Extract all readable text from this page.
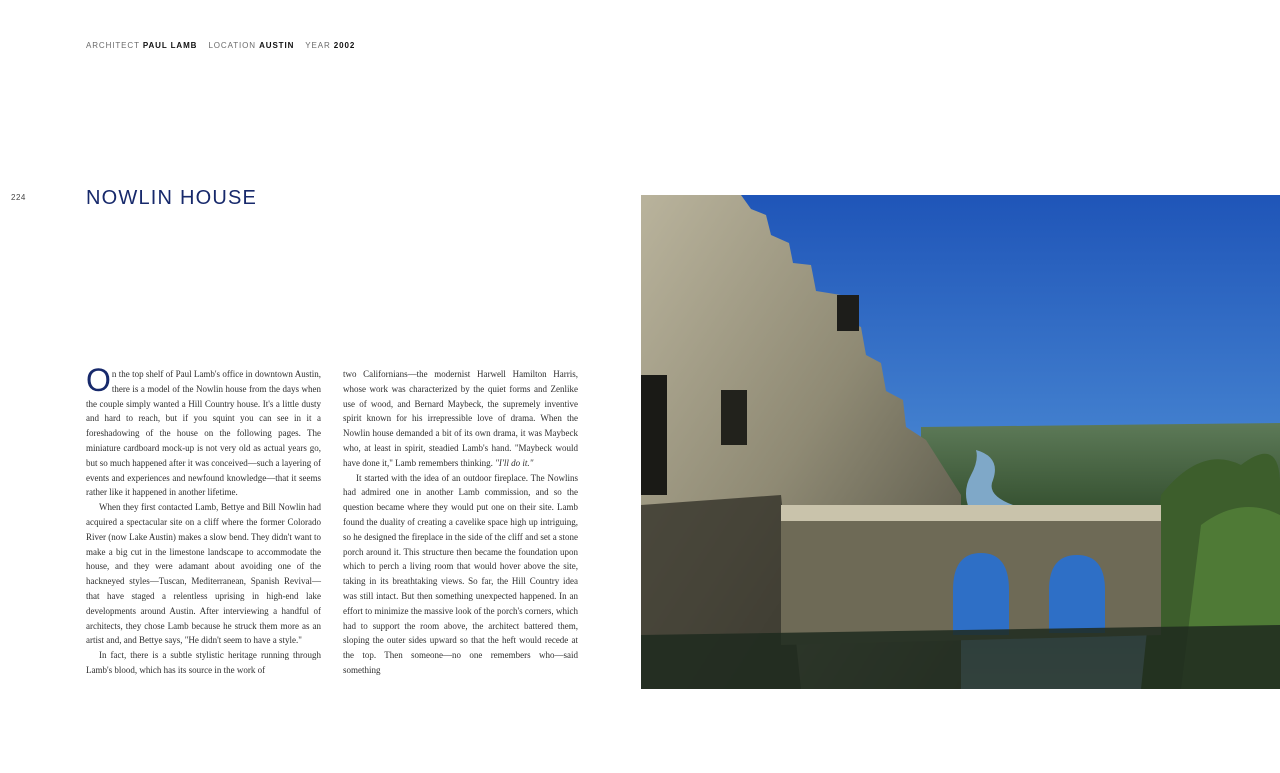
ARCHITECT PAUL LAMB LOCATION AUSTIN YEAR 2002
224	NOWLIN HOUSE

On the top shelf of Paul Lamb's office in downtown Austin, there is a model of the Nowlin house from the days when the couple simply wanted a Hill Country house. It's a little dusty and hard to reach, but if you squint you can see in it a foreshadowing of the house on the following pages. The miniature cardboard mock-up is not very old as actual years go, but so much happened after it was conceived—such a layering of events and experiences and newfound knowledge—that it seems rather like it happened in another lifetime.

When they first contacted Lamb, Bettye and Bill Nowlin had acquired a spectacular site on a cliff where the former Colorado River (now Lake Austin) makes a slow bend. They didn't want to make a big cut in the limestone landscape to accommodate the house, and they were adamant about avoiding one of the hackneyed styles—Tuscan, Mediterranean, Spanish Revival—that have staged a relentless uprising in high-end lake developments around Austin. After interviewing a handful of architects, they chose Lamb because he struck them more as an artist and, and Bettye says, "He didn't seem to have a style."

In fact, there is a subtle stylistic heritage running through Lamb's blood, which has its source in the work of

two Californians—the modernist Harwell Hamilton Harris, whose work was characterized by the quiet forms and Zenlike use of wood, and Bernard Maybeck, the supremely inventive spirit known for his irrepressible love of drama. When the Nowlin house demanded a bit of its own drama, it was Maybeck who, at least in spirit, steadied Lamb's hand. "Maybeck would have done it," Lamb remembers thinking. "I'll do it."

It started with the idea of an outdoor fireplace. The Nowlins had admired one in another Lamb commission, and so the question became where they would put one on their site. Lamb found the duality of creating a cavelike space high up intriguing, so he designed the fireplace in the side of the cliff and set a stone porch around it. This structure then became the foundation upon which to perch a living room that would hover above the site, taking in its breathtaking views. So far, the Hill Country idea was still intact. But then something unexpected happened. In an effort to minimize the massive look of the porch's corners, which had to support the room above, the architect battered them, sloping the outer sides upward so that the heft would recede at the top. Then someone—no one remembers who—said something
